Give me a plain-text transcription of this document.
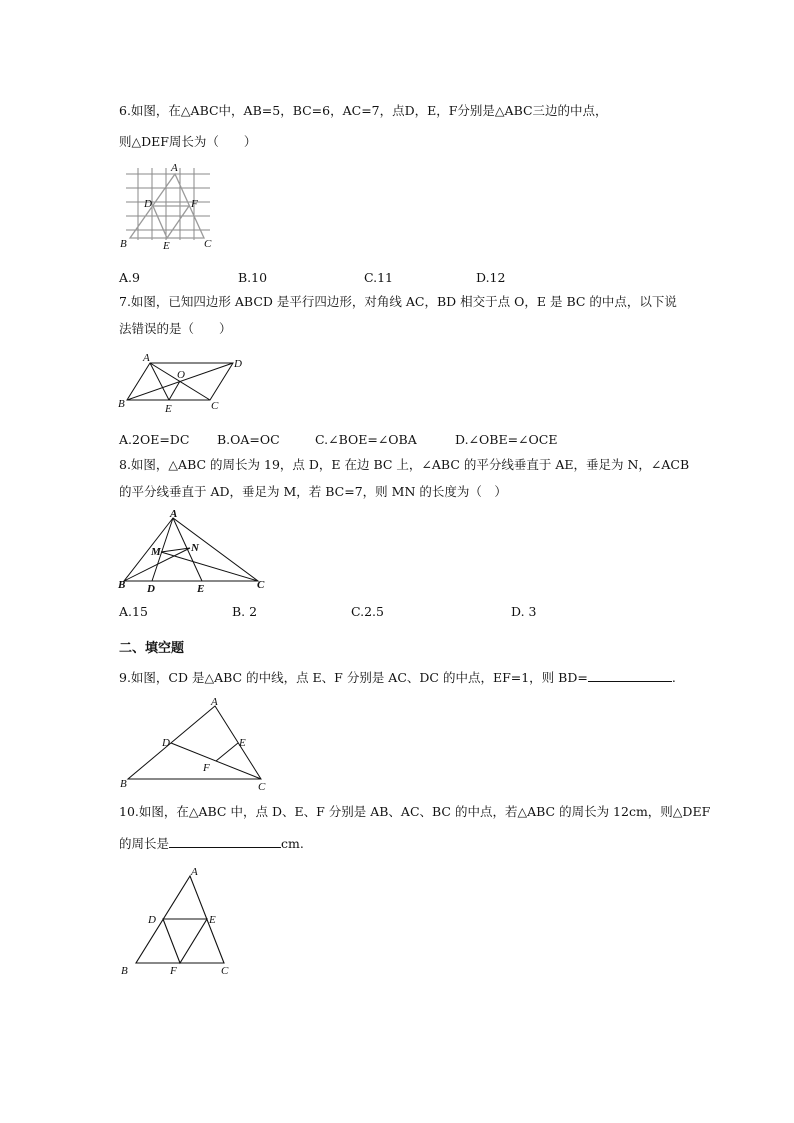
6.如图，在△ABC中，AB=5，BC=6，AC=7，点D，E，F分别是△ABC三边的中点，
则△DEF周长为（　　）
A
B	C
D
E
F
A.9	B.10	C.11	D.12
7.如图，已知四边形 ABCD 是平行四边形，对角线 AC，BD 相交于点 O，E 是 BC 的中点，以下说
法错误的是（　　）
A	D
B	C
O
E
A.2OE=DC B.OA=OC	C.∠BOE=∠OBA	D.∠OBE=∠OCE
8.如图，△ABC 的周长为 19，点 D，E 在边 BC 上，∠ABC 的平分线垂直于 AE，垂足为 N，∠ACB
的平分线垂直于 AD，垂足为 M，若 BC=7，则 MN 的长度为（　）
A
B	C
D	E
M	N
A.15	B. 2	C.2.5	D. 3
二、填空题
9.如图，CD 是△ABC 的中线，点 E、F 分别是 AC、DC 的中点，EF=1，则 BD=	.
A
B	C
D	E
F
10.如图，在△ABC 中，点 D、E、F 分别是 AB、AC、BC 的中点，若△ABC 的周长为 12cm，则△DEF
的周长是	cm.
A
B	C
D	E
F
